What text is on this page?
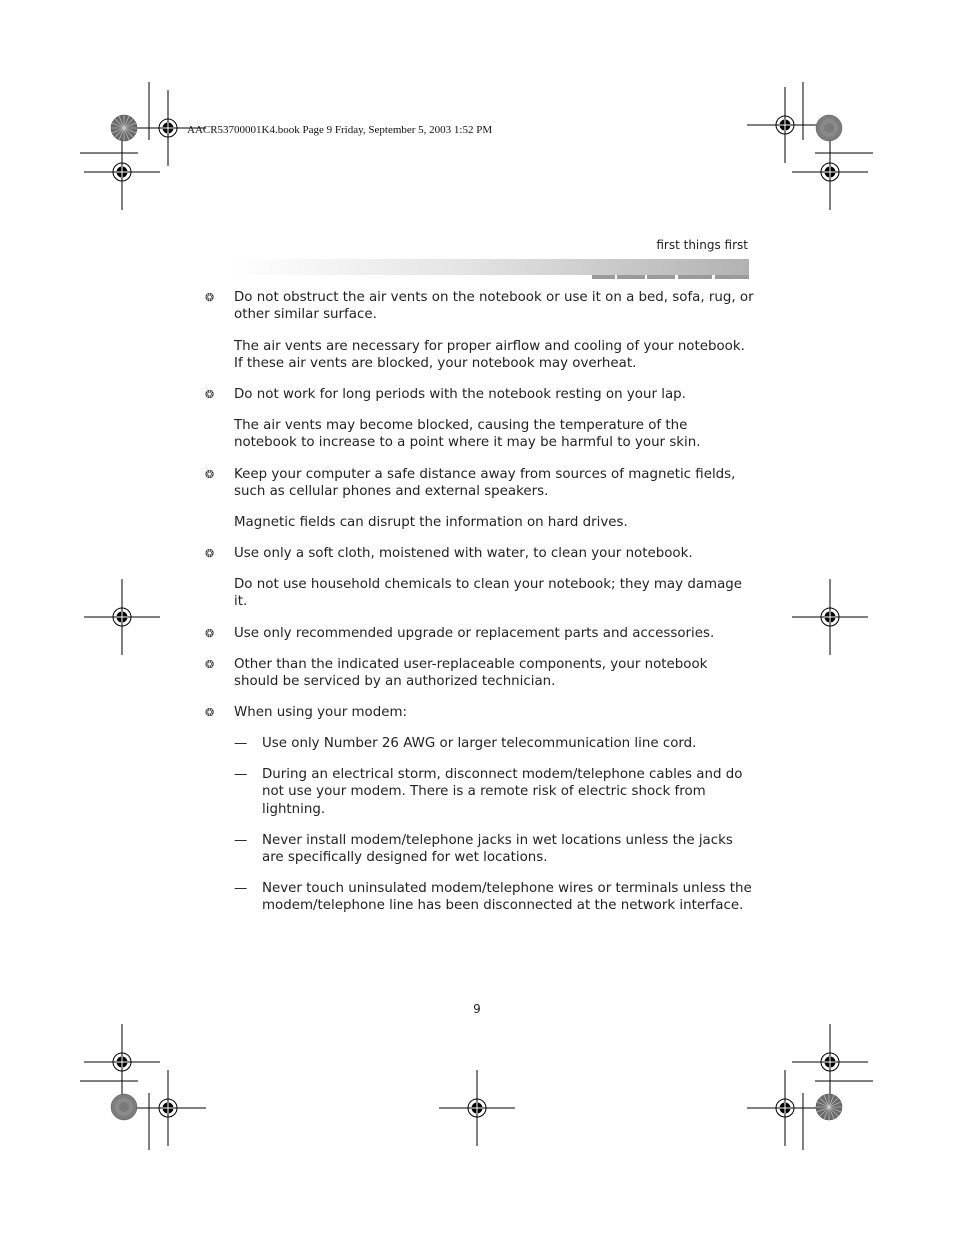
AACR53700001K4.book Page 9 Friday, September 5, 2003 1:52 PM
first things first
❂ Do not obstruct the air vents on the notebook or use it on a bed, sofa, rug, or other similar surface.
The air vents are necessary for proper airflow and cooling of your notebook. If these air vents are blocked, your notebook may overheat.
❂ Do not work for long periods with the notebook resting on your lap.
The air vents may become blocked, causing the temperature of the notebook to increase to a point where it may be harmful to your skin.
❂ Keep your computer a safe distance away from sources of magnetic fields, such as cellular phones and external speakers.
Magnetic fields can disrupt the information on hard drives.
❂ Use only a soft cloth, moistened with water, to clean your notebook.
Do not use household chemicals to clean your notebook; they may damage it.
❂ Use only recommended upgrade or replacement parts and accessories.
❂ Other than the indicated user-replaceable components, your notebook should be serviced by an authorized technician.
❂ When using your modem:
— Use only Number 26 AWG or larger telecommunication line cord.
— During an electrical storm, disconnect modem/telephone cables and do not use your modem. There is a remote risk of electric shock from lightning.
— Never install modem/telephone jacks in wet locations unless the jacks are specifically designed for wet locations.
— Never touch uninsulated modem/telephone wires or terminals unless the modem/telephone line has been disconnected at the network interface.
9
